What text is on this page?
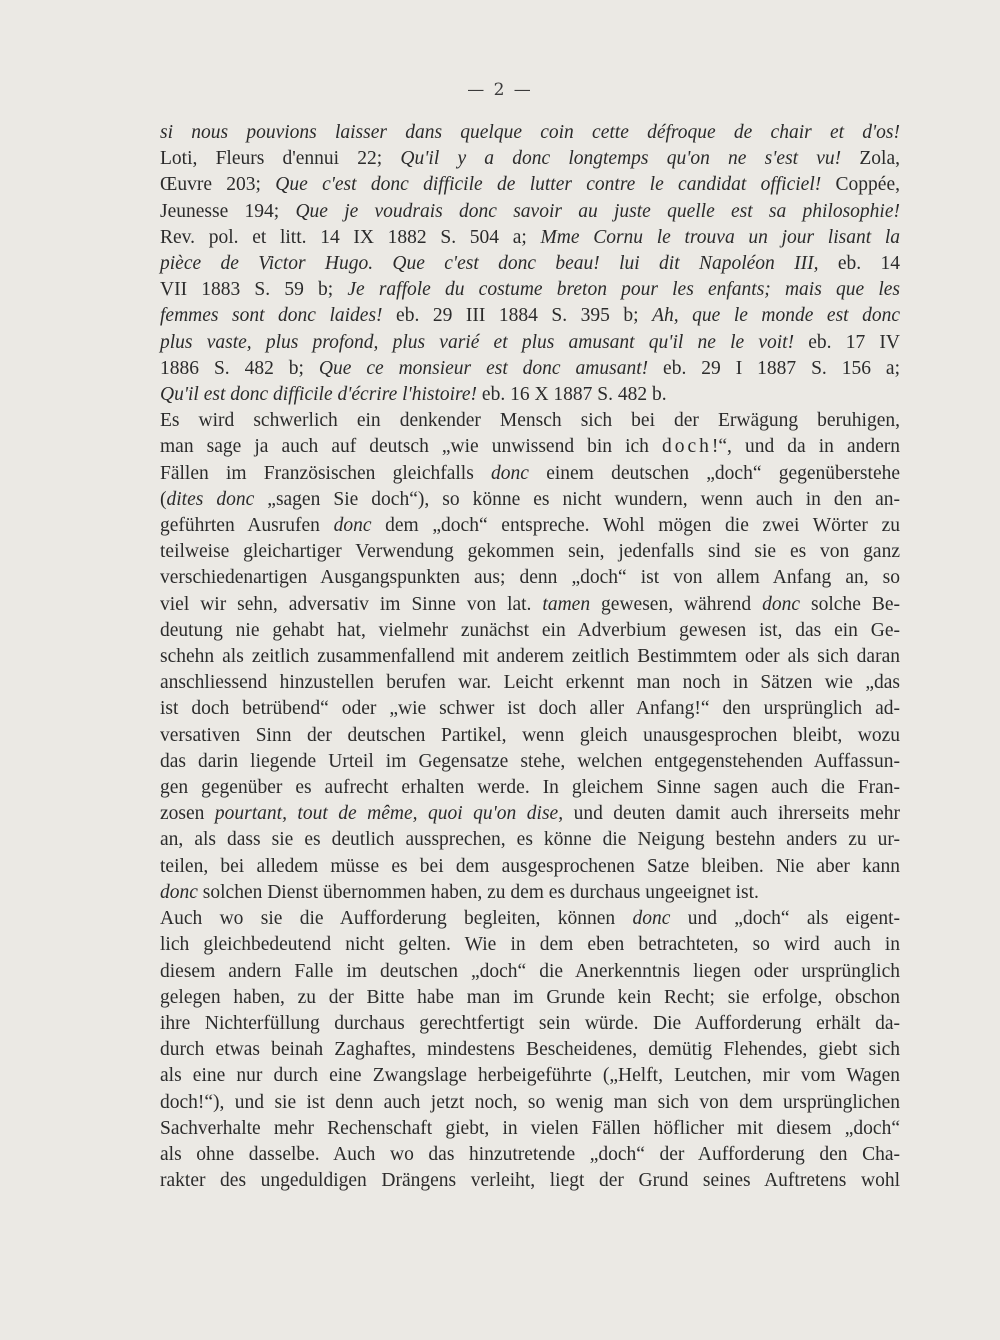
— 2 —
si nous pouvions laisser dans quelque coin cette défroque de chair et d'os!
Loti, Fleurs d'ennui 22; Qu'il y a donc longtemps qu'on ne s'est vu! Zola,
Œuvre 203; Que c'est donc difficile de lutter contre le candidat officiel! Coppée,
Jeunesse 194; Que je voudrais donc savoir au juste quelle est sa philosophie!
Rev. pol. et litt. 14 IX 1882 S. 504 a; Mme Cornu le trouva un jour lisant la
pièce de Victor Hugo. Que c'est donc beau! lui dit Napoléon III, eb. 14
VII 1883 S. 59 b; Je raffole du costume breton pour les enfants; mais que les
femmes sont donc laides! eb. 29 III 1884 S. 395 b; Ah, que le monde est donc
plus vaste, plus profond, plus varié et plus amusant qu'il ne le voit! eb. 17 IV
1886 S. 482 b; Que ce monsieur est donc amusant! eb. 29 I 1887 S. 156 a;
Qu'il est donc difficile d'écrire l'histoire! eb. 16 X 1887 S. 482 b.
Es wird schwerlich ein denkender Mensch sich bei der Erwägung beruhigen,
man sage ja auch auf deutsch „wie unwissend bin ich doch!“, und da in andern
Fällen im Französischen gleichfalls donc einem deutschen „doch“ gegenüberstehe
(dites donc „sagen Sie doch“), so könne es nicht wundern, wenn auch in den an-
geführten Ausrufen donc dem „doch“ entspreche. Wohl mögen die zwei Wörter zu
teilweise gleichartiger Verwendung gekommen sein, jedenfalls sind sie es von ganz
verschiedenartigen Ausgangspunkten aus; denn „doch“ ist von allem Anfang an, so
viel wir sehn, adversativ im Sinne von lat. tamen gewesen, während donc solche Be-
deutung nie gehabt hat, vielmehr zunächst ein Adverbium gewesen ist, das ein Ge-
schehn als zeitlich zusammenfallend mit anderem zeitlich Bestimmtem oder als sich daran
anschliessend hinzustellen berufen war. Leicht erkennt man noch in Sätzen wie „das
ist doch betrübend“ oder „wie schwer ist doch aller Anfang!“ den ursprünglich ad-
versativen Sinn der deutschen Partikel, wenn gleich unausgesprochen bleibt, wozu
das darin liegende Urteil im Gegensatze stehe, welchen entgegenstehenden Auffassun-
gen gegenüber es aufrecht erhalten werde. In gleichem Sinne sagen auch die Fran-
zosen pourtant, tout de même, quoi qu'on dise, und deuten damit auch ihrerseits mehr
an, als dass sie es deutlich aussprechen, es könne die Neigung bestehn anders zu ur-
teilen, bei alledem müsse es bei dem ausgesprochenen Satze bleiben. Nie aber kann
donc solchen Dienst übernommen haben, zu dem es durchaus ungeeignet ist.
Auch wo sie die Aufforderung begleiten, können donc und „doch“ als eigent-
lich gleichbedeutend nicht gelten. Wie in dem eben betrachteten, so wird auch in
diesem andern Falle im deutschen „doch“ die Anerkenntnis liegen oder ursprünglich
gelegen haben, zu der Bitte habe man im Grunde kein Recht; sie erfolge, obschon
ihre Nichterfüllung durchaus gerechtfertigt sein würde. Die Aufforderung erhält da-
durch etwas beinah Zaghaftes, mindestens Bescheidenes, demütig Flehendes, giebt sich
als eine nur durch eine Zwangslage herbeigeführte („Helft, Leutchen, mir vom Wagen
doch!“), und sie ist denn auch jetzt noch, so wenig man sich von dem ursprünglichen
Sachverhalte mehr Rechenschaft giebt, in vielen Fällen höflicher mit diesem „doch“
als ohne dasselbe. Auch wo das hinzutretende „doch“ der Aufforderung den Cha-
rakter des ungeduldigen Drängens verleiht, liegt der Grund seines Auftretens wohl
